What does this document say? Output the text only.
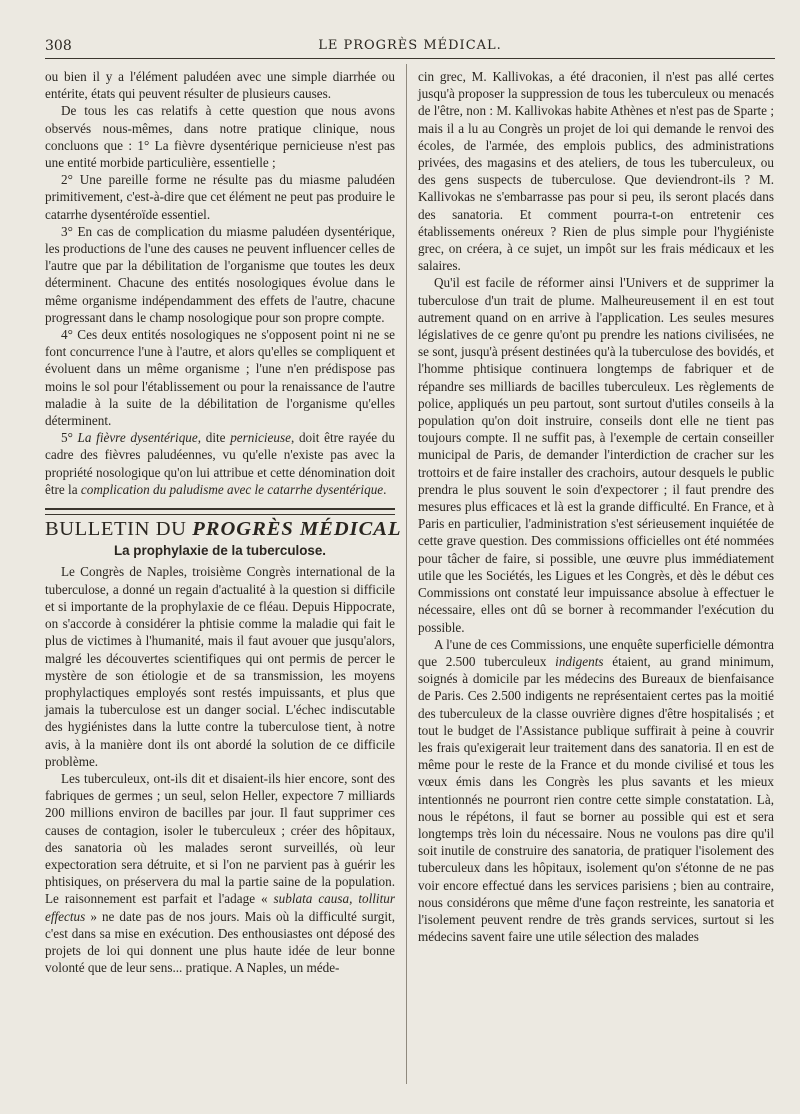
308	LE PROGRÈS MÉDICAL.

ou bien il y a l'élément paludéen avec une simple diarrhée ou entérite, états qui peuvent résulter de plusieurs causes.

De tous les cas relatifs à cette question que nous avons observés nous-mêmes, dans notre pratique clinique, nous concluons que : 1° La fièvre dysentérique pernicieuse n'est pas une entité morbide particulière, essentielle ;

2° Une pareille forme ne résulte pas du miasme paludéen primitivement, c'est-à-dire que cet élément ne peut pas produire le catarrhe dysentéroïde essentiel.

3° En cas de complication du miasme paludéen dysentérique, les productions de l'une des causes ne peuvent influencer celles de l'autre que par la débilitation de l'organisme que toutes les deux déterminent. Chacune des entités nosologiques évolue dans le même organisme indépendamment des effets de l'autre, chacune progressant dans le champ nosologique pour son propre compte.

4° Ces deux entités nosologiques ne s'opposent point ni ne se font concurrence l'une à l'autre, et alors qu'elles se compliquent et évoluent dans un même organisme ; l'une n'en prédispose pas moins le sol pour l'établissement ou pour la renaissance de l'autre maladie à la suite de la débilitation de l'organisme qu'elles déterminent.

5° La fièvre dysentérique, dite pernicieuse, doit être rayée du cadre des fièvres paludéennes, vu qu'elle n'existe pas avec la propriété nosologique qu'on lui attribue et cette dénomination doit être la complication du paludisme avec le catarrhe dysentérique.

BULLETIN DU PROGRÈS MÉDICAL
La prophylaxie de la tuberculose.

Le Congrès de Naples, troisième Congrès international de la tuberculose, a donné un regain d'actualité à la question si difficile et si importante de la prophylaxie de ce fléau. Depuis Hippocrate, on s'accorde à considérer la phtisie comme la maladie qui fait le plus de victimes à l'humanité, mais il faut avouer que jusqu'alors, malgré les découvertes scientifiques qui ont permis de percer le mystère de son étiologie et de sa transmission, les moyens prophylactiques employés sont restés impuissants, et plus que jamais la tuberculose est un danger social. L'échec indiscutable des hygiénistes dans la lutte contre la tuberculose tient, à notre avis, à la manière dont ils ont abordé la solution de ce difficile problème.

Les tuberculeux, ont-ils dit et disaient-ils hier encore, sont des fabriques de germes ; un seul, selon Heller, expectore 7 milliards 200 millions environ de bacilles par jour. Il faut supprimer ces causes de contagion, isoler le tuberculeux ; créer des hôpitaux, des sanatoria où les malades seront surveillés, où leur expectoration sera détruite, et si l'on ne parvient pas à guérir les phtisiques, on préservera du mal la partie saine de la population. Le raisonnement est parfait et l'adage « sublata causa, tollitur effectus » ne date pas de nos jours. Mais où la difficulté surgit, c'est dans sa mise en exécution. Des enthousiastes ont déposé des projets de loi qui donnent une plus haute idée de leur bonne volonté que de leur sens... pratique. A Naples, un méde-

cin grec, M. Kallivokas, a été draconien, il n'est pas allé certes jusqu'à proposer la suppression de tous les tuberculeux ou menacés de l'être, non : M. Kallivokas habite Athènes et n'est pas de Sparte ; mais il a lu au Congrès un projet de loi qui demande le renvoi des écoles, de l'armée, des emplois publics, des administrations privées, des magasins et des ateliers, de tous les tuberculeux, ou des gens suspects de tuberculose. Que deviendront-ils ? M. Kallivokas ne s'embarrasse pas pour si peu, ils seront placés dans des sanatoria. Et comment pourra-t-on entretenir ces établissements onéreux ? Rien de plus simple pour l'hygiéniste grec, on créera, à ce sujet, un impôt sur les frais médicaux et les salaires.

Qu'il est facile de réformer ainsi l'Univers et de supprimer la tuberculose d'un trait de plume. Malheureusement il en est tout autrement quand on en arrive à l'application. Les seules mesures législatives de ce genre qu'ont pu prendre les nations civilisées, ne se sont, jusqu'à présent destinées qu'à la tuberculose des bovidés, et l'homme phtisique continuera longtemps de fabriquer et de répandre ses milliards de bacilles tuberculeux. Les règlements de police, appliqués un peu partout, sont surtout d'utiles conseils à la population qu'on doit instruire, conseils dont elle ne tient pas toujours compte. Il ne suffit pas, à l'exemple de certain conseiller municipal de Paris, de demander l'interdiction de cracher sur les trottoirs et de faire installer des crachoirs, autour desquels le public prendra le plus souvent le soin d'expectorer ; il faut prendre des mesures plus efficaces et là est la grande difficulté. En France, et à Paris en particulier, l'administration s'est sérieusement inquiétée de cette grave question. Des commissions officielles ont été nommées pour tâcher de faire, si possible, une œuvre plus immédiatement utile que les Sociétés, les Ligues et les Congrès, et dès le début ces Commissions ont constaté leur impuissance absolue à effectuer le nécessaire, elles ont dû se borner à recommander l'exécution du possible.

A l'une de ces Commissions, une enquête superficielle démontra que 2.500 tuberculeux indigents étaient, au grand minimum, soignés à domicile par les médecins des Bureaux de bienfaisance de Paris. Ces 2.500 indigents ne représentaient certes pas la moitié des tuberculeux de la classe ouvrière dignes d'être hospitalisés ; et tout le budget de l'Assistance publique suffirait à peine à couvrir les frais qu'exigerait leur traitement dans des sanatoria. Il en est de même pour le reste de la France et du monde civilisé et tous les vœux émis dans les Congrès les plus savants et les mieux intentionnés ne pourront rien contre cette simple constatation. Là, nous le répétons, il faut se borner au possible qui est et sera longtemps très loin du nécessaire. Nous ne voulons pas dire qu'il soit inutile de construire des sanatoria, de pratiquer l'isolement des tuberculeux dans les hôpitaux, isolement qu'on s'étonne de ne pas voir encore effectué dans les services parisiens ; bien au contraire, nous considérons que même d'une façon restreinte, les sanatoria et l'isolement peuvent rendre de très grands services, surtout si les médecins savent faire une utile sélection des malades
